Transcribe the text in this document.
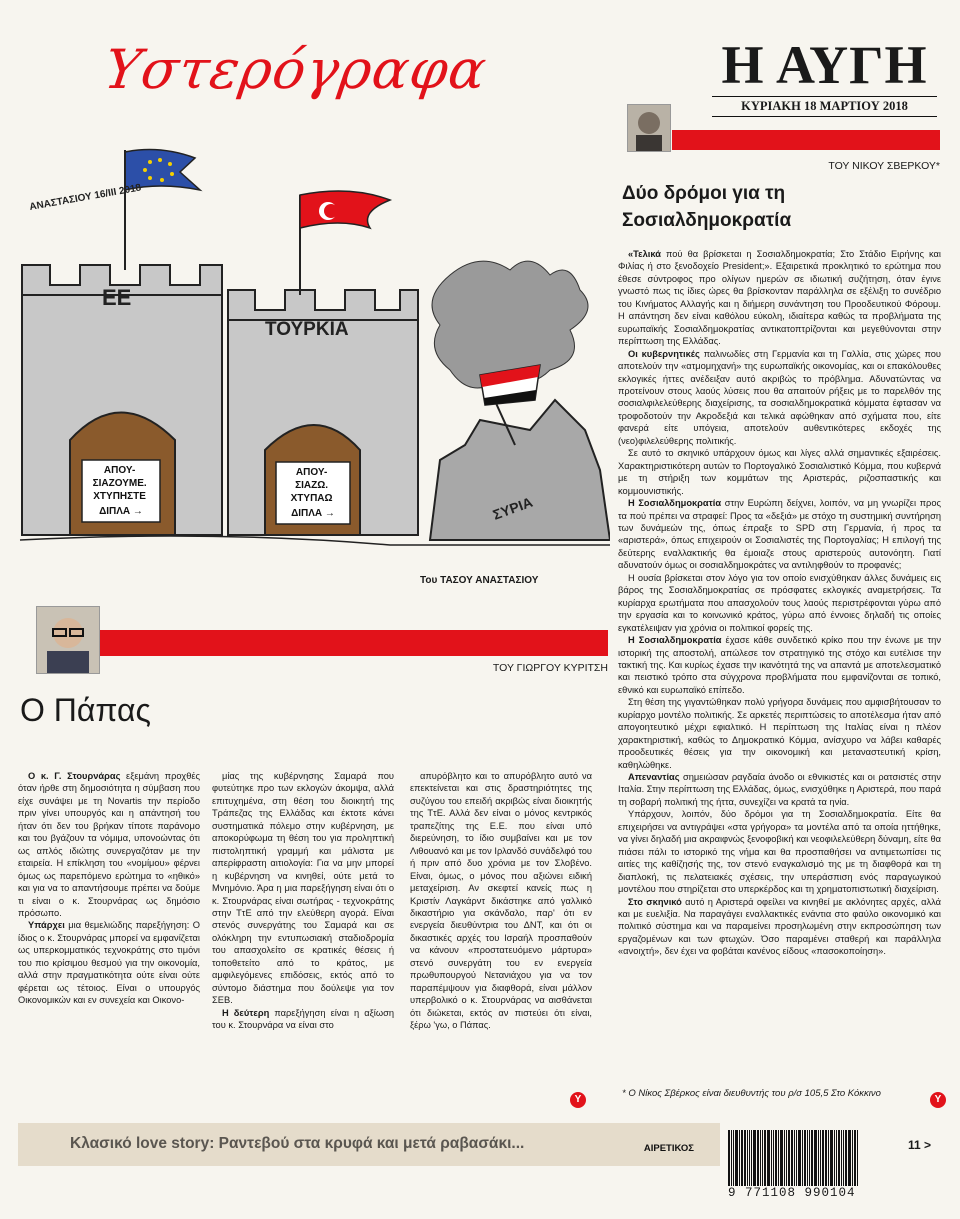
Υστερόγραφα	Η ΑΥΓΗ
ΚΥΡΙΑΚΗ 18 ΜΑΡΤΙΟΥ 2018
ΕΕ
ΑΠΟΥ- ΣΙΑΖΟΥΜΕ. ΧΤΥΠΗΣΤΕ ΔΙΠΛΑ →
ΤΟΥΡΚΙΑ
ΑΠΟΥ- ΣΙΑΖΩ. ΧΤΥΠΑΩ ΔΙΠΛΑ →	ΣΥΡΙΑ
ΑΝΑΣΤΑΣΙΟΥ 16/III 2018
Του ΤΑΣΟΥ ΑΝΑΣΤΑΣΙΟΥ
ΤΟΥ ΝΙΚΟΥ ΣΒΕΡΚΟΥ*
Δύο δρόμοι για τη Σοσιαλδημοκρατία

«Τελικά πού θα βρίσκεται η Σοσιαλδημοκρατία; Στο Στάδιο Ειρήνης και Φιλίας ή στο ξενοδοχείο President;». Εξαιρετικά προκλητικό το ερώτημα που έθεσε σύντροφος προ ολίγων ημερών σε ιδιωτική συζήτηση, όταν έγινε γνωστό πως τις ίδιες ώρες θα βρίσκονταν παράλληλα σε εξέλιξη το συνέδριο του Κινήματος Αλλαγής και η διήμερη συνάντηση του Προοδευτικού Φόρουμ. Η απάντηση δεν είναι καθόλου εύκολη, ιδιαίτερα καθώς τα προβλήματα της ευρωπαϊκής Σοσιαλδημοκρατίας αντικατοπτρίζονται και μεγεθύνονται στην περίπτωση της Ελλάδας.

Οι κυβερνητικές παλινωδίες στη Γερμανία και τη Γαλλία, στις χώρες που αποτελούν την «ατμομηχανή» της ευρωπαϊκής οικονομίας, και οι επακόλουθες εκλογικές ήττες ανέδειξαν αυτό ακριβώς το πρόβλημα. Αδυνατώντας να προτείνουν στους λαούς λύσεις που θα απαιτούν ρήξεις με το παρελθόν της σοσιαλφιλελεύθερης διαχείρισης, τα σοσιαλδημοκρατικά κόμματα έφτασαν να τροφοδοτούν την Ακροδεξιά και τελικά αφώθηκαν από σχήματα που, είτε φανερά είτε υπόγεια, αποτελούν αυθεντικότερες εκδοχές της (νεο)φιλελεύθερης πολιτικής.

Σε αυτό το σκηνικό υπάρχουν όμως και λίγες αλλά σημαντικές εξαιρέσεις. Χαρακτηριστικότερη αυτών το Πορτογαλικό Σοσιαλιστικό Κόμμα, που κυβερνά με τη στήριξη των κομμάτων της Αριστεράς, ριζοσπαστικής και κομμουνιστικής.

Η Σοσιαλδημοκρατία στην Ευρώπη δείχνει, λοιπόν, να μη γνωρίζει προς τα πού πρέπει να στραφεί: Προς τα «δεξιά» με στόχο τη συστημική συντήρηση των δυνάμεών της, όπως έπραξε το SPD στη Γερμανία, ή προς τα «αριστερά», όπως επιχειρούν οι Σοσιαλιστές της Πορτογαλίας; Η επιλογή της δεύτερης εναλλακτικής θα έμοιαζε στους αριστερούς αυτονόητη. Γιατί αδυνατούν όμως οι σοσιαλδημοκράτες να αντιληφθούν το προφανές;

Η ουσία βρίσκεται στον λόγο για τον οποίο ενισχύθηκαν άλλες δυνάμεις εις βάρος της Σοσιαλδημοκρατίας σε πρόσφατες εκλογικές αναμετρήσεις. Τα κυρίαρχα ερωτήματα που απασχολούν τους λαούς περιστρέφονται γύρω από την εργασία και το κοινωνικό κράτος, γύρω από έννοιες δηλαδή τις οποίες εγκατέλειψαν για χρόνια οι πολιτικοί φορείς της.

Η Σοσιαλδημοκρατία έχασε κάθε συνδετικό κρίκο που την ένωνε με την ιστορική της αποστολή, απώλεσε τον στρατηγικό της στόχο και ευτέλισε την τακτική της. Και κυρίως έχασε την ικανότητά της να απαντά με αποτελεσματικό και πειστικό τρόπο στα σύγχρονα προβλήματα που εμφανίζονται σε τοπικό, εθνικό και ευρωπαϊκό επίπεδο.

Στη θέση της γιγαντώθηκαν πολύ γρήγορα δυνάμεις που αμφισβήτουσαν το κυρίαρχο μοντέλο πολιτικής. Σε αρκετές περιπτώσεις το αποτέλεσμα ήταν από απογοητευτικό μέχρι εφιαλτικό. Η περίπτωση της Ιταλίας είναι η πλέον χαρακτηριστική, καθώς το Δημοκρατικό Κόμμα, ανίσχυρο να λάβει καθαρές προοδευτικές θέσεις για την οικονομική και μεταναστευτική κρίση, καθηλώθηκε.

Απεναντίας σημειώσαν ραγδαία άνοδο οι εθνικιστές και οι ρατσιστές στην Ιταλία. Στην περίπτωση της Ελλάδας, όμως, ενισχύθηκε η Αριστερά, που παρά τη σοβαρή πολιτική της ήττα, συνεχίζει να κρατά τα ηνία.

Υπάρχουν, λοιπόν, δύο δρόμοι για τη Σοσιαλδημοκρατία. Είτε θα επιχειρήσει να αντιγράψει «στα γρήγορα» τα μοντέλα από τα οποία ηττήθηκε, να γίνει δηλαδή μια ακραιφνώς ξενοφοβική και νεοφιλελεύθερη δύναμη, είτε θα πιάσει πάλι το ιστορικό της νήμα και θα προσπαθήσει να αντιμετωπίσει τις αιτίες της καθίζησής της, τον στενό εναγκαλισμό της με τη διαφθορά και τη διαπλοκή, τις πελατειακές σχέσεις, την υπεράσπιση ενός παραγωγικού μοντέλου που στηρίζεται στο υπερκέρδος και τη χρηματοπιστωτική διαχείριση.

Στο σκηνικό αυτό η Αριστερά οφείλει να κινηθεί με ακλόνητες αρχές, αλλά και με ευελιξία. Να παραγάγει εναλλακτικές ενάντια στο φαύλο οικονομικό και πολιτικό σύστημα και να παραμείνει προσηλωμένη στην εκπροσώπηση των εργαζομένων και των φτωχών. Όσο παραμένει σταθερή και παράλληλα «ανοιχτή», δεν έχει να φοβάται κανένος είδους «πασοκοποίηση».

* Ο Νίκος Σβέρκος είναι διευθυντής του ρ/σ 105,5 Στο Κόκκινο
Y
ΤΟΥ ΓΙΩΡΓΟΥ ΚΥΡΙΤΣΗ
Ο Πάπας

Ο κ. Γ. Στουρνάρας εξεμάνη προχθές όταν ήρθε στη δημοσιότητα η σύμβαση που είχε συνάψει με τη Novartis την περίοδο πριν γίνει υπουργός και η απάντησή του ήταν ότι δεν του βρήκαν τίποτε παράνομο και του βγάζουν τα νόμιμα, υπονοώντας ότι ως απλός ιδιώτης συνεργαζόταν με την εταιρεία. Η επίκληση του «νομίμου» φέρνει όμως ως παρεπόμενο ερώτημα το «ηθικό» και για να το απαντήσουμε πρέπει να δούμε τι είναι ο κ. Στουρνάρας ως δημόσιο πρόσωπο.

Υπάρχει μια θεμελιώδης παρεξήγηση: Ο ίδιος ο κ. Στουρνάρας μπορεί να εμφανίζεται ως υπερκομματικός τεχνοκράτης στο τιμόνι του πιο κρίσιμου θεσμού για την οικονομία, αλλά στην πραγματικότητα ούτε είναι ούτε φέρεται ως τέτοιος. Είναι ο υπουργός Οικονομικών και εν συνεχεία και Οικονο-

μίας της κυβέρνησης Σαμαρά που φυτεύτηκε προ των εκλογών άκομψα, αλλά επιτυχημένα, στη θέση του διοικητή της Τράπεζας της Ελλάδας και έκτοτε κάνει συστηματικά πόλεμο στην κυβέρνηση, με αποκορύφωμα τη θέση του για προληπτική πιστοληπτική γραμμή και μάλιστα με απερίφραστη αιτιολογία: Για να μην μπορεί η κυβέρνηση να κινηθεί, ούτε μετά το Μνημόνιο. Άρα η μια παρεξήγηση είναι ότι ο κ. Στουρνάρας είναι σωτήρας - τεχνοκράτης στην ΤτΕ από την ελεύθερη αγορά. Είναι στενός συνεργάτης του Σαμαρά και σε ολόκληρη την εντυπωσιακή σταδιοδρομία του απασχολείτο σε κρατικές θέσεις ή τοποθετείτο από το κράτος, με αμφιλεγόμενες επιδόσεις, εκτός από το σύντομο διάστημα που δούλεψε για τον ΣΕΒ.

Η δεύτερη παρεξήγηση είναι η αξίωση του κ. Στουρνάρα να είναι στο

απυρόβλητο και το απυρόβλητο αυτό να επεκτείνεται και στις δραστηριότητες της συζύγου του επειδή ακριβώς είναι διοικητής της ΤτΕ. Αλλά δεν είναι ο μόνος κεντρικός τραπεζίτης της Ε.Ε. που είναι υπό διερεύνηση, το ίδιο συμβαίνει και με τον Λιθουανό και με τον Ιρλανδό συνάδελφό του ή πριν από δυο χρόνια με τον Σλοβένο. Είναι, όμως, ο μόνος που αξιώνει ειδική μεταχείριση. Αν σκεφτεί κανείς πως η Κριστίν Λαγκάρντ δικάστηκε από γαλλικό δικαστήριο για σκάνδαλο, παρ' ότι εν ενεργεία διευθύντρια του ΔΝΤ, και ότι οι δικαστικές αρχές του Ισραήλ προσπαθούν να κάνουν «προστατευόμενο μάρτυρα» στενό συνεργάτη του εν ενεργεία πρωθυπουργού Νετανιάχου για να τον παραπέμψουν για διαφθορά, είναι μάλλον υπερβολικό ο κ. Στουρνάρας να αισθάνεται ότι διώκεται, εκτός αν πιστεύει ότι είναι, ξέρω 'γω, ο Πάπας.

Y
Κλασικό love story: Ραντεβού στα κρυφά και μετά ραβασάκι...	ΑΙΡΕΤΙΚΟΣ
9 771108 990104
11 >
